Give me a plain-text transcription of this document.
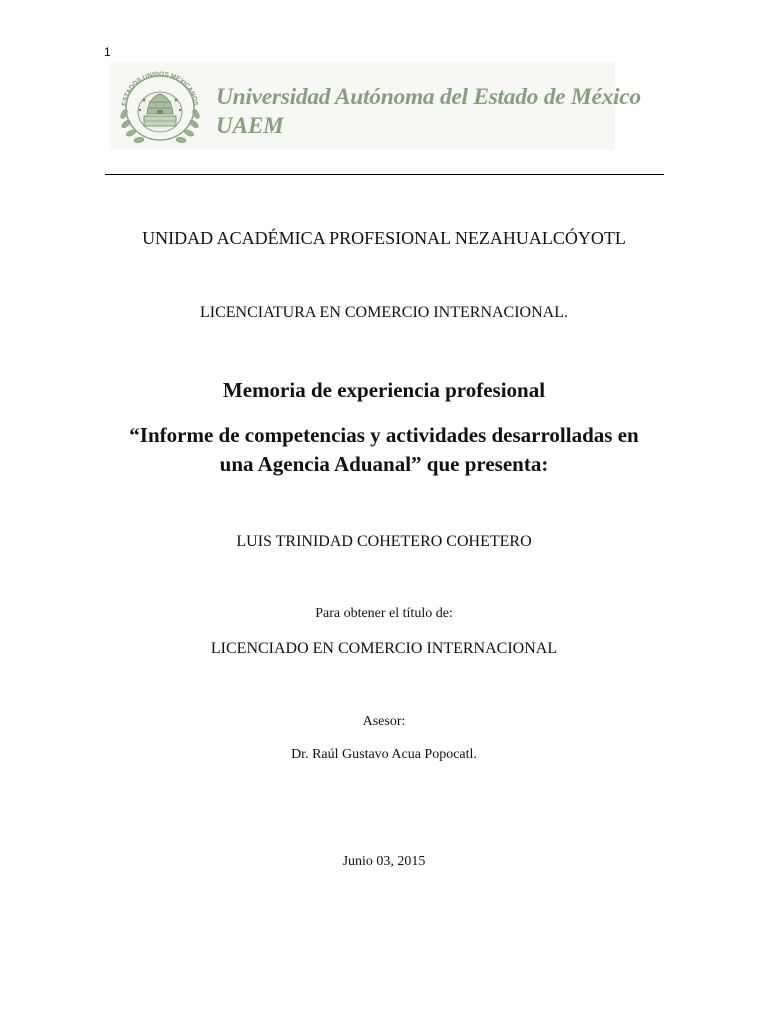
1
ESTADOS UNIDOS MEXICANOS Universidad Autónoma del Estado de México
UAEM
UNIDAD ACADÉMICA PROFESIONAL NEZAHUALCÓYOTL
LICENCIATURA EN COMERCIO INTERNACIONAL.
Memoria de experiencia profesional
“Informe de competencias y actividades desarrolladas en
una Agencia Aduanal” que presenta:
LUIS TRINIDAD COHETERO COHETERO
Para obtener el título de:
LICENCIADO EN COMERCIO INTERNACIONAL
Asesor:
Dr. Raúl Gustavo Acua Popocatl.
Junio 03, 2015
